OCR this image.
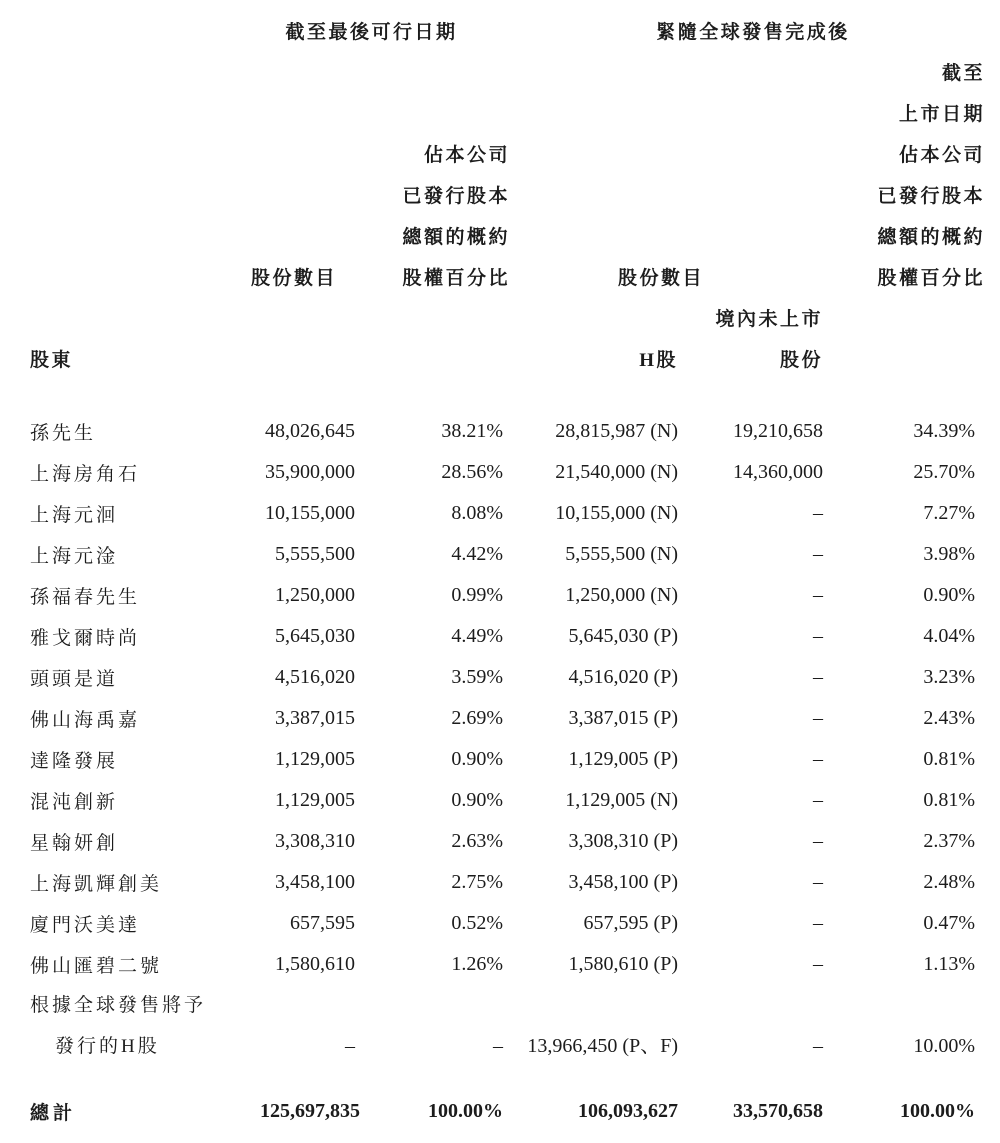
截至最後可行日期	緊隨全球發售完成後
截至
上市日期
佔本公司	佔本公司
已發行股本	已發行股本
總額的概約	總額的概約
股份數目	股權百分比	股份數目	股權百分比
境內未上市
股東	H股	股份
孫先生	48,026,645	38.21%	28,815,987 (N)	19,210,658	34.39%
上海房角石	35,900,000	28.56%	21,540,000 (N)	14,360,000	25.70%
上海元洄	10,155,000	8.08%	10,155,000 (N)	–	7.27%
上海元淦	5,555,500	4.42%	5,555,500 (N)	–	3.98%
孫福春先生	1,250,000	0.99%	1,250,000 (N)	–	0.90%
雅戈爾時尚	5,645,030	4.49%	5,645,030 (P)	–	4.04%
頭頭是道	4,516,020	3.59%	4,516,020 (P)	–	3.23%
佛山海禹嘉	3,387,015	2.69%	3,387,015 (P)	–	2.43%
達隆發展	1,129,005	0.90%	1,129,005 (P)	–	0.81%
混沌創新	1,129,005	0.90%	1,129,005 (N)	–	0.81%
星翰妍創	3,308,310	2.63%	3,308,310 (P)	–	2.37%
上海凱輝創美	3,458,100	2.75%	3,458,100 (P)	–	2.48%
廈門沃美達	657,595	0.52%	657,595 (P)	–	0.47%
佛山匯碧二號	1,580,610	1.26%	1,580,610 (P)	–	1.13%
根據全球發售將予
發行的H股	–	–	13,966,450 (P、F)	–	10.00%
總計	125,697,835	100.00%	106,093,627	33,570,658	100.00%
